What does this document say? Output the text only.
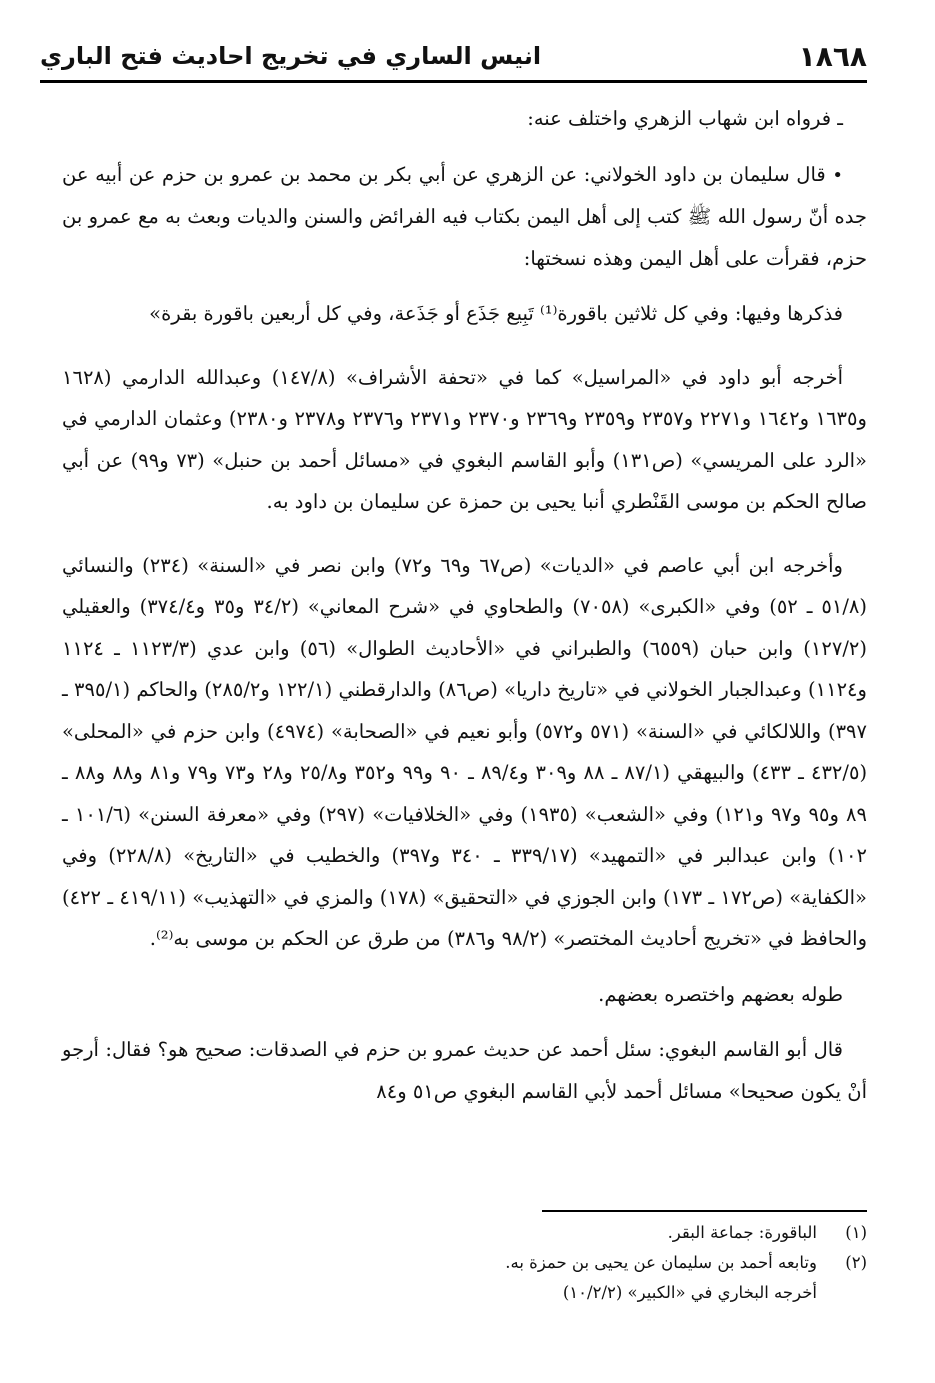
١٨٦٨
انيس الساري في تخريج احاديث فتح الباري

ـ فرواه ابن شهاب الزهري واختلف عنه:

• قال سليمان بن داود الخولاني: عن الزهري عن أبي بكر بن محمد بن عمرو بن حزم عن أبيه عن جده أنّ رسول الله ﷺ كتب إلى أهل اليمن بكتاب فيه الفرائض والسنن والديات وبعث به مع عمرو بن حزم، فقرأت على أهل اليمن وهذه نسختها:

فذكرها وفيها: وفي كل ثلاثين باقورة⁽¹⁾ تَبِيع جَذَع أو جَذَعة، وفي كل أربعين باقورة بقرة»

أخرجه أبو داود في «المراسيل» كما في «تحفة الأشراف» (١٤٧/٨) وعبدالله الدارمي (١٦٢٨ و١٦٣٥ و١٦٤٢ و٢٢٧١ و٢٣٥٧ و٢٣٥٩ و٢٣٦٩ و٢٣٧٠ و٢٣٧١ و٢٣٧٦ و٢٣٧٨ و٢٣٨٠) وعثمان الدارمي في «الرد على المريسي» (ص١٣١) وأبو القاسم البغوي في «مسائل أحمد بن حنبل» (٧٣ و٩٩) عن أبي صالح الحكم بن موسى القَنْطري أنبا يحيى بن حمزة عن سليمان بن داود به.

وأخرجه ابن أبي عاصم في «الديات» (ص٦٧ و٦٩ و٧٢) وابن نصر في «السنة» (٢٣٤) والنسائي (٥١/٨ ـ ٥٢) وفي «الكبرى» (٧٠٥٨) والطحاوي في «شرح المعاني» (٣٤/٢ و٣٥ و٣٧٤/٤) والعقيلي (١٢٧/٢) وابن حبان (٦٥٥٩) والطبراني في «الأحاديث الطوال» (٥٦) وابن عدي (١١٢٣/٣ ـ ١١٢٤ و١١٢٤) وعبدالجبار الخولاني في «تاريخ داريا» (ص٨٦) والدارقطني (١٢٢/١ و٢٨٥/٢) والحاكم (٣٩٥/١ ـ ٣٩٧) واللالكائي في «السنة» (٥٧١ و٥٧٢) وأبو نعيم في «الصحابة» (٤٩٧٤) وابن حزم في «المحلى» (٤٣٢/٥ ـ ٤٣٣) والبيهقي (٨٧/١ ـ ٨٨ و٣٠٩ و٨٩/٤ ـ ٩٠ و٩٩ و٣٥٢ و٢٥/٨ و٢٨ و٧٣ و٧٩ و٨١ و٨٨ و٨٨ ـ ٨٩ و٩٥ و٩٧ و١٢١) وفي «الشعب» (١٩٣٥) وفي «الخلافيات» (٢٩٧) وفي «معرفة السنن» (١٠١/٦ ـ ١٠٢) وابن عبدالبر في «التمهيد» (٣٣٩/١٧ ـ ٣٤٠ و٣٩٧) والخطيب في «التاريخ» (٢٢٨/٨) وفي «الكفاية» (ص١٧٢ ـ ١٧٣) وابن الجوزي في «التحقيق» (١٧٨) والمزي في «التهذيب» (٤١٩/١١ ـ ٤٢٢) والحافظ في «تخريج أحاديث المختصر» (٩٨/٢ و٣٨٦) من طرق عن الحكم بن موسى به⁽²⁾.

طوله بعضهم واختصره بعضهم.

قال أبو القاسم البغوي: سئل أحمد عن حديث عمرو بن حزم في الصدقات: صحيح هو؟ فقال: أرجو أنْ يكون صحيحا» مسائل أحمد لأبي القاسم البغوي ص٥١ و٨٤

(١)
الباقورة: جماعة البقر.
(٢)
وتابعه أحمد بن سليمان عن يحيى بن حمزة به.
أخرجه البخاري في «الكبير» (١٠/٢/٢)
